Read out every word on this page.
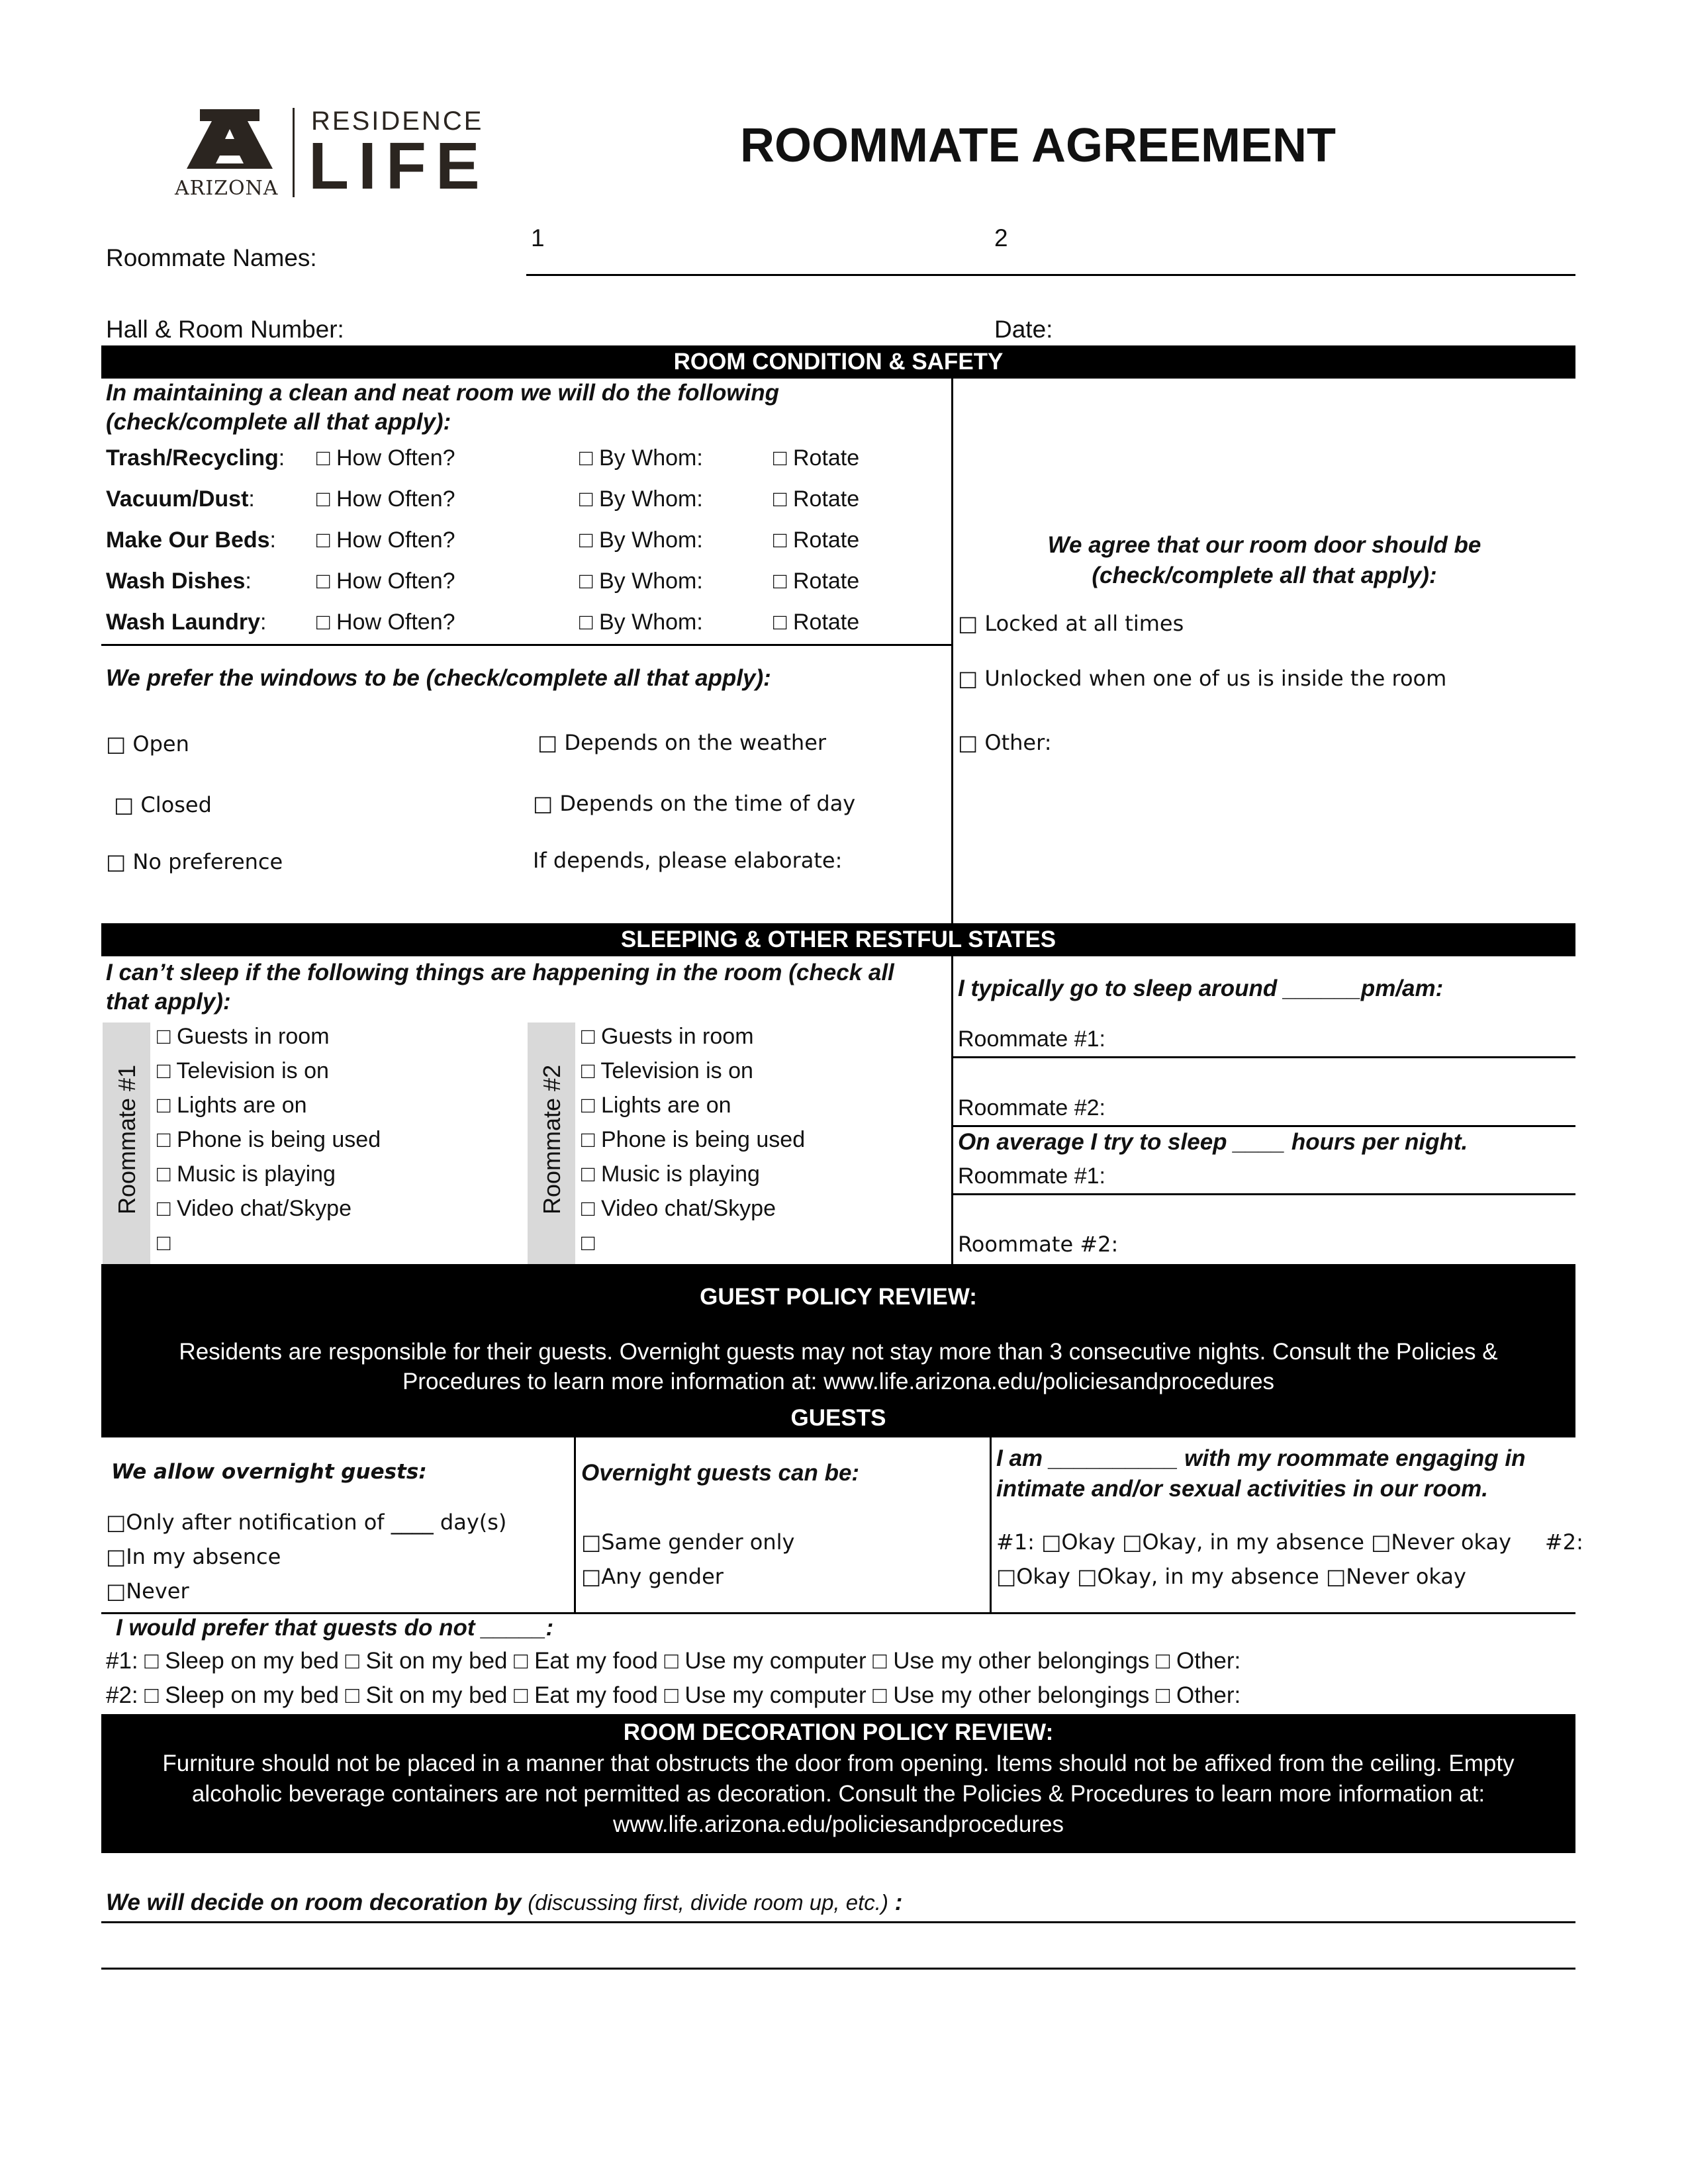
ARIZONA
RESIDENCE
LIFE	ROOMMATE AGREEMENT
Roommate Names:
1	2
Hall & Room Number:	Date:
ROOM CONDITION & SAFETY
In maintaining a clean and neat room we will do the following
(check/complete all that apply):
Trash/Recycling: □ How Often?	□ By Whom:	□ Rotate
Vacuum/Dust:	□ How Often?	□ By Whom:	□ Rotate
Make Our Beds: □ How Often?	□ By Whom:	□ Rotate
Wash Dishes:	□ How Often?	□ By Whom:	□ Rotate
Wash Laundry: □ How Often?	□ By Whom:	□ Rotate
We agree that our room door should be
(check/complete all that apply):
□ Locked at all times
□ Unlocked when one of us is inside the room
□ Other:
We prefer the windows to be (check/complete all that apply):
□ Open	□ Depends on the weather
□ Closed	□ Depends on the time of day
□ No preference	If depends, please elaborate:
SLEEPING & OTHER RESTFUL STATES
I can’t sleep if the following things are happening in the room (check all
that apply):
Roommate #1	Roommate #2
□ Guests in room
□ Television is on
□ Lights are on
□ Phone is being used
□ Music is playing
□ Video chat/Skype
□
□ Guests in room
□ Television is on
□ Lights are on
□ Phone is being used
□ Music is playing
□ Video chat/Skype
□
I typically go to sleep around ______pm/am:
Roommate #1:
Roommate #2:
On average I try to sleep ____ hours per night.
Roommate #1:
Roommate #2:
GUEST POLICY REVIEW:
Residents are responsible for their guests. Overnight guests may not stay more than 3 consecutive nights. Consult the Policies &
Procedures to learn more information at: www.life.arizona.edu/policiesandprocedures
GUESTS
We allow overnight guests:
□Only after notification of ____ day(s)
□In my absence
□Never
Overnight guests can be:
□Same gender only
□Any gender
I am __________ with my roommate engaging in
intimate and/or sexual activities in our room.
#1: □Okay □Okay, in my absence □Never okay     #2:
□Okay □Okay, in my absence □Never okay
I would prefer that guests do not _____:
#1: □ Sleep on my bed □ Sit on my bed □ Eat my food □ Use my computer □ Use my other belongings □ Other:
#2: □ Sleep on my bed □ Sit on my bed □ Eat my food □ Use my computer □ Use my other belongings □ Other:
ROOM DECORATION POLICY REVIEW:
Furniture should not be placed in a manner that obstructs the door from opening. Items should not be affixed from the ceiling. Empty
alcoholic beverage containers are not permitted as decoration. Consult the Policies & Procedures to learn more information at:
www.life.arizona.edu/policiesandprocedures
We will decide on room decoration by (discussing first, divide room up, etc.) :
